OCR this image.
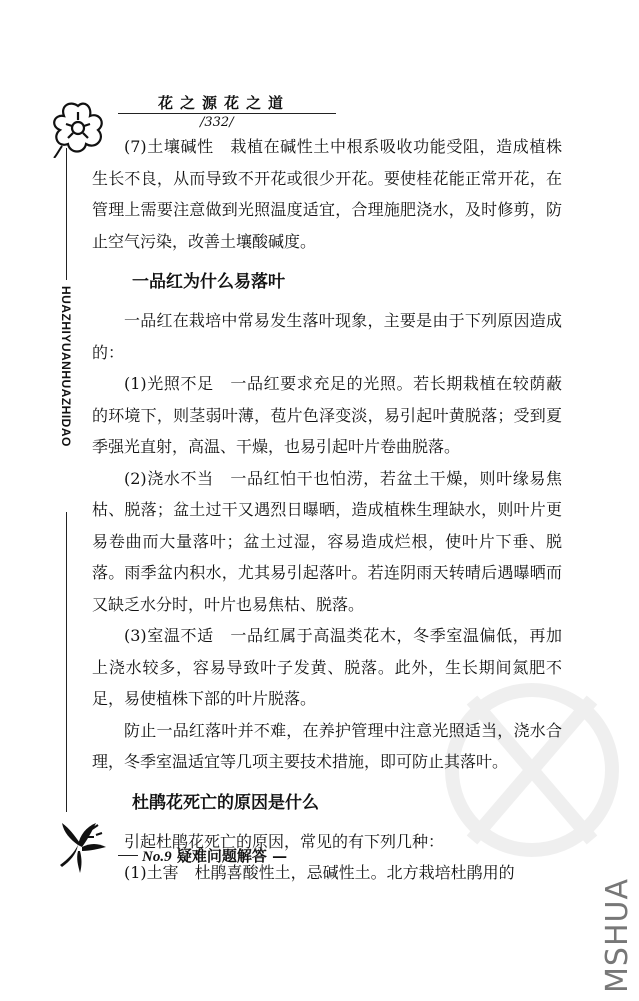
花之源花之道
/332/
HUAZHIYUANHUAZHIDAO

(7)土壤碱性　栽植在碱性土中根系吸收功能受阻，造成植株生长不良，从而导致不开花或很少开花。要使桂花能正常开花，在管理上需要注意做到光照温度适宜，合理施肥浇水，及时修剪，防止空气污染，改善土壤酸碱度。

一品红为什么易落叶

一品红在栽培中常易发生落叶现象，主要是由于下列原因造成的：

(1)光照不足　一品红要求充足的光照。若长期栽植在较荫蔽的环境下，则茎弱叶薄，苞片色泽变淡，易引起叶黄脱落；受到夏季强光直射，高温、干燥，也易引起叶片卷曲脱落。

(2)浇水不当　一品红怕干也怕涝，若盆土干燥，则叶缘易焦枯、脱落；盆土过干又遇烈日曝晒，造成植株生理缺水，则叶片更易卷曲而大量落叶；盆土过湿，容易造成烂根，使叶片下垂、脱落。雨季盆内积水，尤其易引起落叶。若连阴雨天转晴后遇曝晒而又缺乏水分时，叶片也易焦枯、脱落。

(3)室温不适　一品红属于高温类花木，冬季室温偏低，再加上浇水较多，容易导致叶子发黄、脱落。此外，生长期间氮肥不足，易使植株下部的叶片脱落。

防止一品红落叶并不难，在养护管理中注意光照适当，浇水合理，冬季室温适宜等几项主要技术措施，即可防止其落叶。

杜鹃花死亡的原因是什么

引起杜鹃花死亡的原因，常见的有下列几种：

(1)土害　杜鹃喜酸性土，忌碱性土。北方栽培杜鹃用的

No.9 疑难问题解答 —
MSHUA
